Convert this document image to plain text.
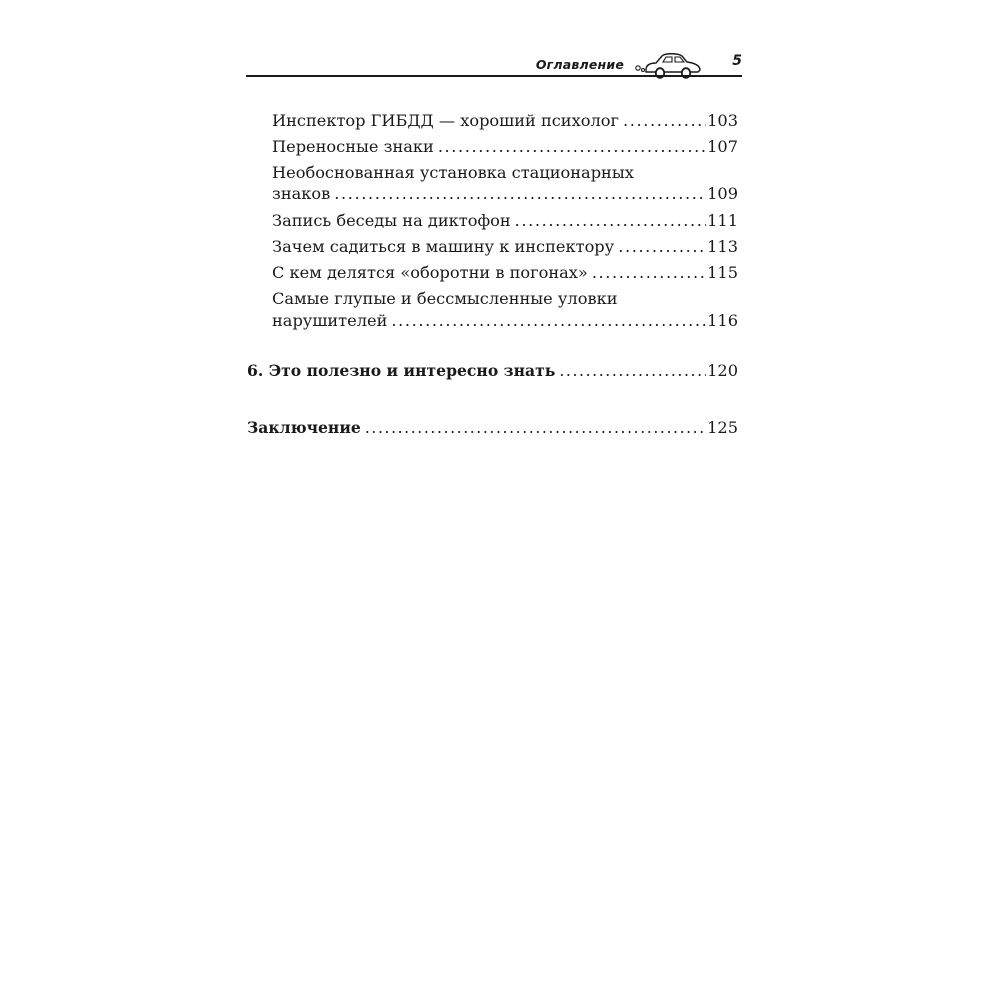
Оглавление	5
Инспектор ГИБДД — хороший психолог .....	103
Переносные знаки .....	107
Необоснованная установка стационарных
знаков .....	109
Запись беседы на диктофон .....	111
Зачем садиться в машину к инспектору .....	113
С кем делятся «оборотни в погонах» .....	115
Самые глупые и бессмысленные уловки
нарушителей .....	116
6. Это полезно и интересно знать .....	120
Заключение .....	125
